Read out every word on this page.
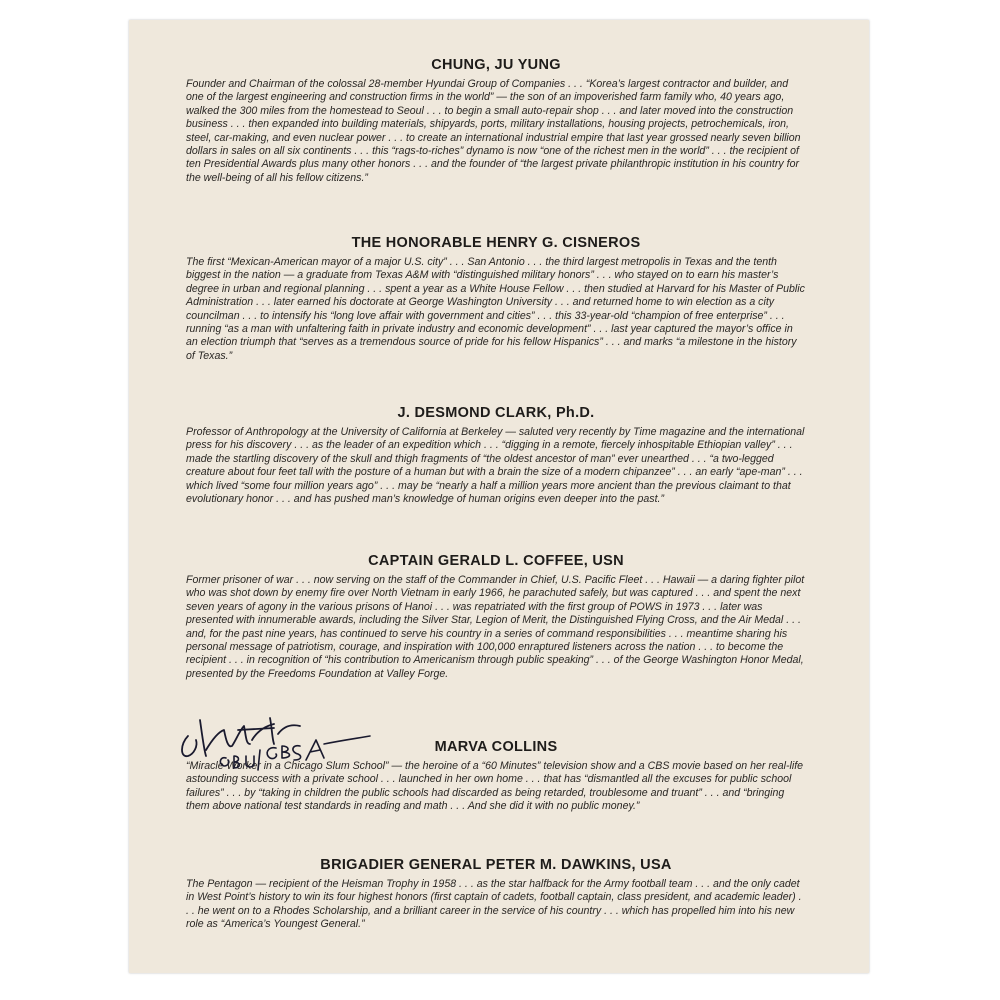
CHUNG, JU YUNG

Founder and Chairman of the colossal 28-member Hyundai Group of Companies . . . “Korea’s largest contractor and builder, and one of the largest engineering and construction firms in the world” — the son of an impoverished farm family who, 40 years ago, walked the 300 miles from the homestead to Seoul . . . to begin a small auto-repair shop . . . and later moved into the construction business . . . then expanded into building materials, shipyards, ports, military installations, housing projects, petrochemicals, iron, steel, car-making, and even nuclear power . . . to create an international industrial empire that last year grossed nearly seven billion dollars in sales on all six continents . . . this “rags-to-riches” dynamo is now “one of the richest men in the world” . . . the recipient of ten Presidential Awards plus many other honors . . . and the founder of “the largest private philanthropic institution in his country for the well-being of all his fellow citizens.”

THE HONORABLE HENRY G. CISNEROS

The first “Mexican-American mayor of a major U.S. city” . . . San Antonio . . . the third largest metropolis in Texas and the tenth biggest in the nation — a graduate from Texas A&M with “distinguished military honors” . . . who stayed on to earn his master’s degree in urban and regional planning . . . spent a year as a White House Fellow . . . then studied at Harvard for his Master of Public Administration . . . later earned his doctorate at George Washington University . . . and returned home to win election as a city councilman . . . to intensify his “long love affair with government and cities” . . . this 33-year-old “champion of free enterprise” . . . running “as a man with unfaltering faith in private industry and economic development” . . . last year captured the mayor’s office in an election triumph that “serves as a tremendous source of pride for his fellow Hispanics” . . . and marks “a milestone in the history of Texas.”

J. DESMOND CLARK, Ph.D.

Professor of Anthropology at the University of California at Berkeley — saluted very recently by Time magazine and the international press for his discovery . . . as the leader of an expedition which . . . “digging in a remote, fiercely inhospitable Ethiopian valley” . . . made the startling discovery of the skull and thigh fragments of “the oldest ancestor of man” ever unearthed . . . “a two-legged creature about four feet tall with the posture of a human but with a brain the size of a modern chipanzee” . . . an early “ape-man” . . . which lived “some four million years ago” . . . may be “nearly a half a million years more ancient than the previous claimant to that evolutionary honor . . . and has pushed man’s knowledge of human origins even deeper into the past.”

CAPTAIN GERALD L. COFFEE, USN

Former prisoner of war . . . now serving on the staff of the Commander in Chief, U.S. Pacific Fleet . . . Hawaii — a daring fighter pilot who was shot down by enemy fire over North Vietnam in early 1966, he parachuted safely, but was captured . . . and spent the next seven years of agony in the various prisons of Hanoi . . . was repatriated with the first group of POWS in 1973 . . . later was presented with innumerable awards, including the Silver Star, Legion of Merit, the Distinguished Flying Cross, and the Air Medal . . . and, for the past nine years, has continued to serve his country in a series of command responsibilities . . . meantime sharing his personal message of patriotism, courage, and inspiration with 100,000 enraptured listeners across the nation . . . to become the recipient . . . in recognition of “his contribution to Americanism through public speaking” . . . of the George Washington Honor Medal, presented by the Freedoms Foundation at Valley Forge.

MARVA COLLINS

“Miracle Worker in a Chicago Slum School” — the heroine of a “60 Minutes” television show and a CBS movie based on her real-life astounding success with a private school . . . launched in her own home . . . that has “dismantled all the excuses for public school failures” . . . by “taking in children the public schools had discarded as being retarded, troublesome and truant” . . . and “bringing them above national test standards in reading and math . . . And she did it with no public money.”

BRIGADIER GENERAL PETER M. DAWKINS, USA

The Pentagon — recipient of the Heisman Trophy in 1958 . . . as the star halfback for the Army football team . . . and the only cadet in West Point’s history to win its four highest honors (first captain of cadets, football captain, class president, and academic leader) . . . he went on to a Rhodes Scholarship, and a brilliant career in the service of his country . . . which has propelled him into his new role as “America’s Youngest General.”
